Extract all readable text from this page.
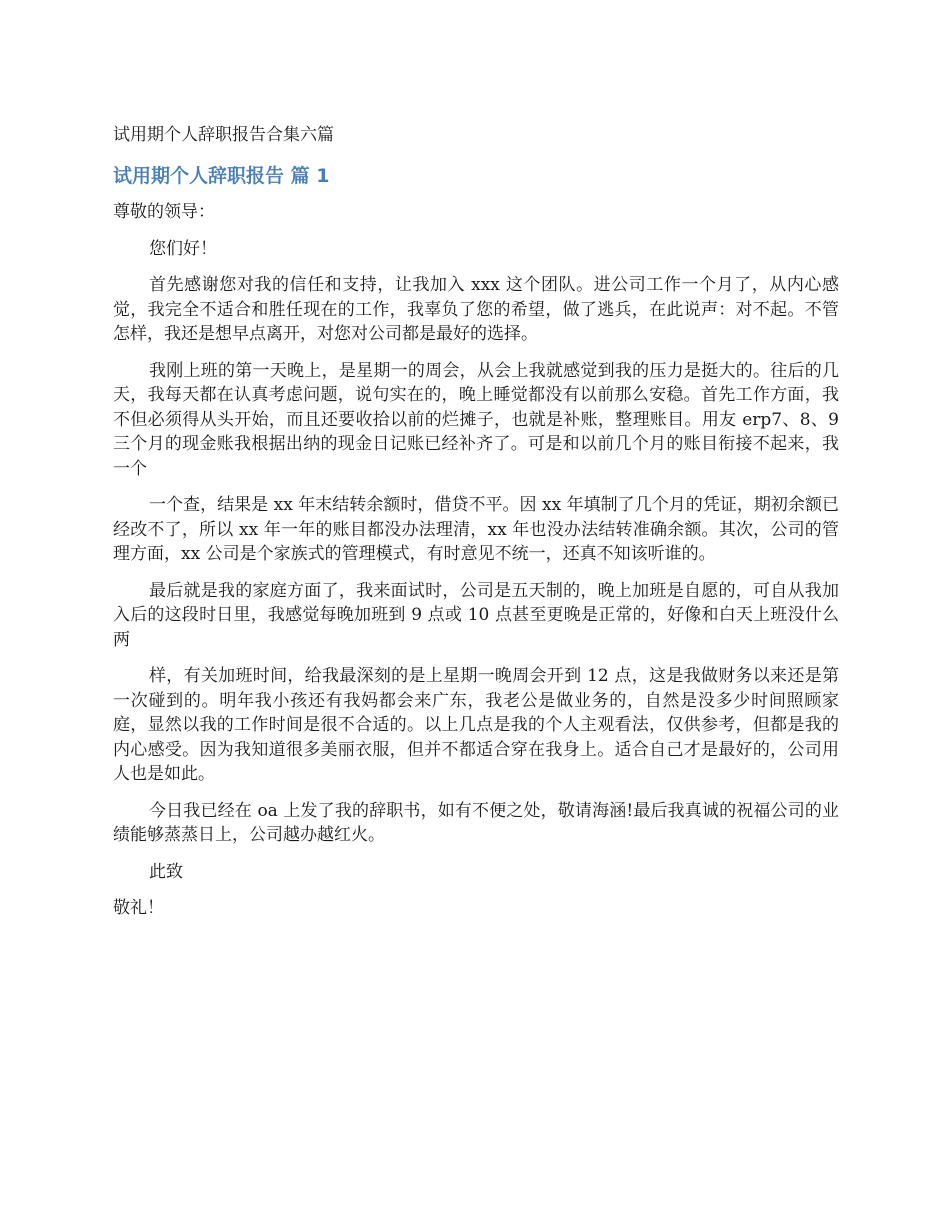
试用期个人辞职报告合集六篇
试用期个人辞职报告 篇 1

尊敬的领导：

您们好！

首先感谢您对我的信任和支持，让我加入 xxx 这个团队。进公司工作一个月了，从内心感觉，我完全不适合和胜任现在的工作，我辜负了您的希望，做了逃兵，在此说声：对不起。不管怎样，我还是想早点离开，对您对公司都是最好的选择。

我刚上班的第一天晚上，是星期一的周会，从会上我就感觉到我的压力是挺大的。往后的几天，我每天都在认真考虑问题，说句实在的，晚上睡觉都没有以前那么安稳。首先工作方面，我不但必须得从头开始，而且还要收拾以前的烂摊子，也就是补账，整理账目。用友 erp7、8、9 三个月的现金账我根据出纳的现金日记账已经补齐了。可是和以前几个月的账目衔接不起来，我一个

一个查，结果是 xx 年末结转余额时，借贷不平。因 xx 年填制了几个月的凭证，期初余额已经改不了，所以 xx 年一年的账目都没办法理清，xx 年也没办法结转准确余额。其次，公司的管理方面，xx 公司是个家族式的管理模式，有时意见不统一，还真不知该听谁的。

最后就是我的家庭方面了，我来面试时，公司是五天制的，晚上加班是自愿的，可自从我加入后的这段时日里，我感觉每晚加班到 9 点或 10 点甚至更晚是正常的，好像和白天上班没什么两

样，有关加班时间，给我最深刻的是上星期一晚周会开到 12 点，这是我做财务以来还是第一次碰到的。明年我小孩还有我妈都会来广东，我老公是做业务的，自然是没多少时间照顾家庭，显然以我的工作时间是很不合适的。以上几点是我的个人主观看法，仅供参考，但都是我的内心感受。因为我知道很多美丽衣服，但并不都适合穿在我身上。适合自己才是最好的，公司用人也是如此。

今日我已经在 oa 上发了我的辞职书，如有不便之处，敬请海涵!最后我真诚的祝福公司的业绩能够蒸蒸日上，公司越办越红火。

此致

敬礼！
